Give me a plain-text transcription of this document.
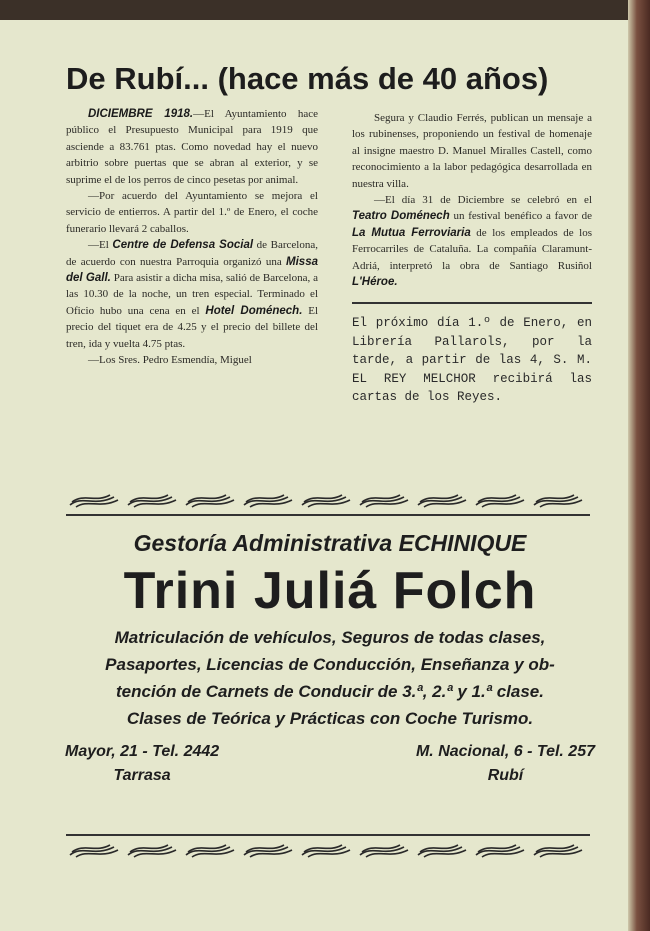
De Rubí... (hace más de 40 años)

DICIEMBRE 1918.—El Ayuntamiento hace público el Presupuesto Municipal para 1919 que asciende a 83.761 ptas. Como novedad hay el nuevo arbitrio sobre puertas que se abran al exterior, y se suprime el de los perros de cinco pesetas por animal.

—Por acuerdo del Ayuntamiento se mejora el servicio de entierros. A partir del 1.º de Enero, el coche funerario llevará 2 caballos.

—El Centre de Defensa Social de Barcelona, de acuerdo con nuestra Parroquia organizó una Missa del Gall. Para asistir a dicha misa, salió de Barcelona, a las 10.30 de la noche, un tren especial. Terminado el Oficio hubo una cena en el Hotel Doménech. El precio del tiquet era de 4.25 y el precio del billete del tren, ida y vuelta 4.75 ptas.

—Los Sres. Pedro Esmendía, Miguel

Segura y Claudio Ferrés, publican un mensaje a los rubinenses, proponiendo un festival de homenaje al insigne maestro D. Manuel Miralles Castell, como reconocimiento a la labor pedagógica desarrollada en nuestra villa.

—El día 31 de Diciembre se celebró en el Teatro Doménech un festival benéfico a favor de La Mutua Ferroviaria de los empleados de los Ferrocarriles de Cataluña. La compañía Claramunt-Adriá, interpretó la obra de Santiago Rusiñol L'Héroe.

El próximo día 1.º de Enero, en Librería Pallarols, por la tarde, a partir de las 4, S. M. EL REY MELCHOR recibirá las cartas de los Reyes.
Gestoría Administrativa ECHINIQUE
Trini Juliá Folch
Matriculación de vehículos, Seguros de todas clases,
Pasaportes, Licencias de Conducción, Enseñanza y ob-
tención de Carnets de Conducir de 3.ª, 2.ª y 1.ª clase.
Clases de Teórica y Prácticas con Coche Turismo.
Mayor, 21 - Tel. 2442
Tarrasa
M. Nacional, 6 - Tel. 257
Rubí
